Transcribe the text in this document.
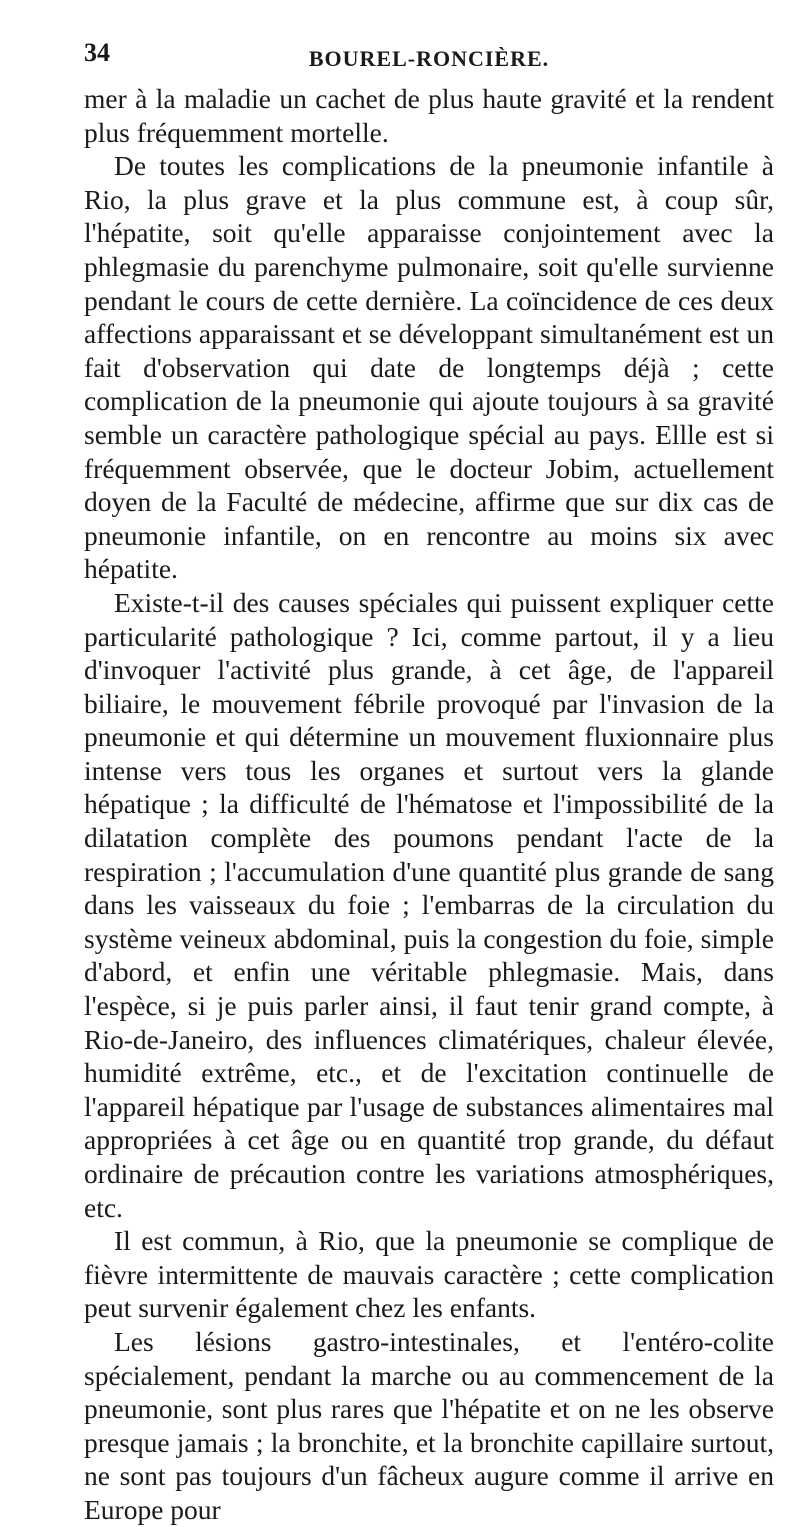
34	BOUREL-RONCIÈRE.

mer à la maladie un cachet de plus haute gravité et la rendent plus fréquemment mortelle.

De toutes les complications de la pneumonie infantile à Rio, la plus grave et la plus commune est, à coup sûr, l'hépatite, soit qu'elle apparaisse conjointement avec la phlegmasie du parenchyme pulmonaire, soit qu'elle survienne pendant le cours de cette dernière. La coïncidence de ces deux affections apparaissant et se développant simultanément est un fait d'observation qui date de longtemps déjà ; cette complication de la pneumonie qui ajoute toujours à sa gravité semble un caractère pathologique spécial au pays. Ellle est si fréquemment observée, que le docteur Jobim, actuellement doyen de la Faculté de médecine, affirme que sur dix cas de pneumonie infantile, on en rencontre au moins six avec hépatite.

Existe-t-il des causes spéciales qui puissent expliquer cette particularité pathologique ? Ici, comme partout, il y a lieu d'invoquer l'activité plus grande, à cet âge, de l'appareil biliaire, le mouvement fébrile provoqué par l'invasion de la pneumonie et qui détermine un mouvement fluxionnaire plus intense vers tous les organes et surtout vers la glande hépatique ; la difficulté de l'hématose et l'impossibilité de la dilatation complète des poumons pendant l'acte de la respiration ; l'accumulation d'une quantité plus grande de sang dans les vaisseaux du foie ; l'embarras de la circulation du système veineux abdominal, puis la congestion du foie, simple d'abord, et enfin une véritable phlegmasie. Mais, dans l'espèce, si je puis parler ainsi, il faut tenir grand compte, à Rio-de-Janeiro, des influences climatériques, chaleur élevée, humidité extrême, etc., et de l'excitation continuelle de l'appareil hépatique par l'usage de substances alimentaires mal appropriées à cet âge ou en quantité trop grande, du défaut ordinaire de précaution contre les variations atmosphériques, etc.

Il est commun, à Rio, que la pneumonie se complique de fièvre intermittente de mauvais caractère ; cette complication peut survenir également chez les enfants.

Les lésions gastro-intestinales, et l'entéro-colite spécialement, pendant la marche ou au commencement de la pneumonie, sont plus rares que l'hépatite et on ne les observe presque jamais ; la bronchite, et la bronchite capillaire surtout, ne sont pas toujours d'un fâcheux augure comme il arrive en Europe pour
